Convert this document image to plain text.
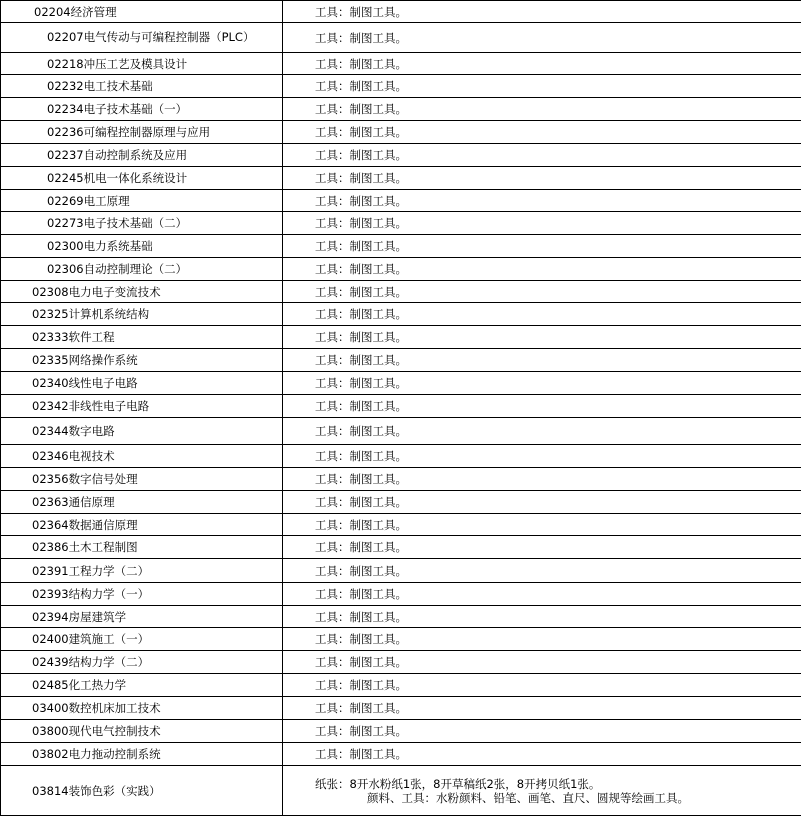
02204经济管理	工具：制图工具。
02207电气传动与可编程控制器（PLC）	工具：制图工具。
02218冲压工艺及模具设计	工具：制图工具。
02232电工技术基础	工具：制图工具。
02234电子技术基础（一）	工具：制图工具。
02236可编程控制器原理与应用	工具：制图工具。
02237自动控制系统及应用	工具：制图工具。
02245机电一体化系统设计	工具：制图工具。
02269电工原理	工具：制图工具。
02273电子技术基础（二）	工具：制图工具。
02300电力系统基础	工具：制图工具。
02306自动控制理论（二）	工具：制图工具。
02308电力电子变流技术	工具：制图工具。
02325计算机系统结构	工具：制图工具。
02333软件工程	工具：制图工具。
02335网络操作系统	工具：制图工具。
02340线性电子电路	工具：制图工具。
02342非线性电子电路	工具：制图工具。
02344数字电路	工具：制图工具。
02346电视技术	工具：制图工具。
02356数字信号处理	工具：制图工具。
02363通信原理	工具：制图工具。
02364数据通信原理	工具：制图工具。
02386土木工程制图	工具：制图工具。
02391工程力学（二）	工具：制图工具。
02393结构力学（一）	工具：制图工具。
02394房屋建筑学	工具：制图工具。
02400建筑施工（一）	工具：制图工具。
02439结构力学（二）	工具：制图工具。
02485化工热力学	工具：制图工具。
03400数控机床加工技术	工具：制图工具。
03800现代电气控制技术	工具：制图工具。
03802电力拖动控制系统	工具：制图工具。
03814装饰色彩（实践）	纸张：8开水粉纸1张，8开草稿纸2张，8开拷贝纸1张。
颜料、工具：水粉颜料、铅笔、画笔、直尺、圆规等绘画工具。
